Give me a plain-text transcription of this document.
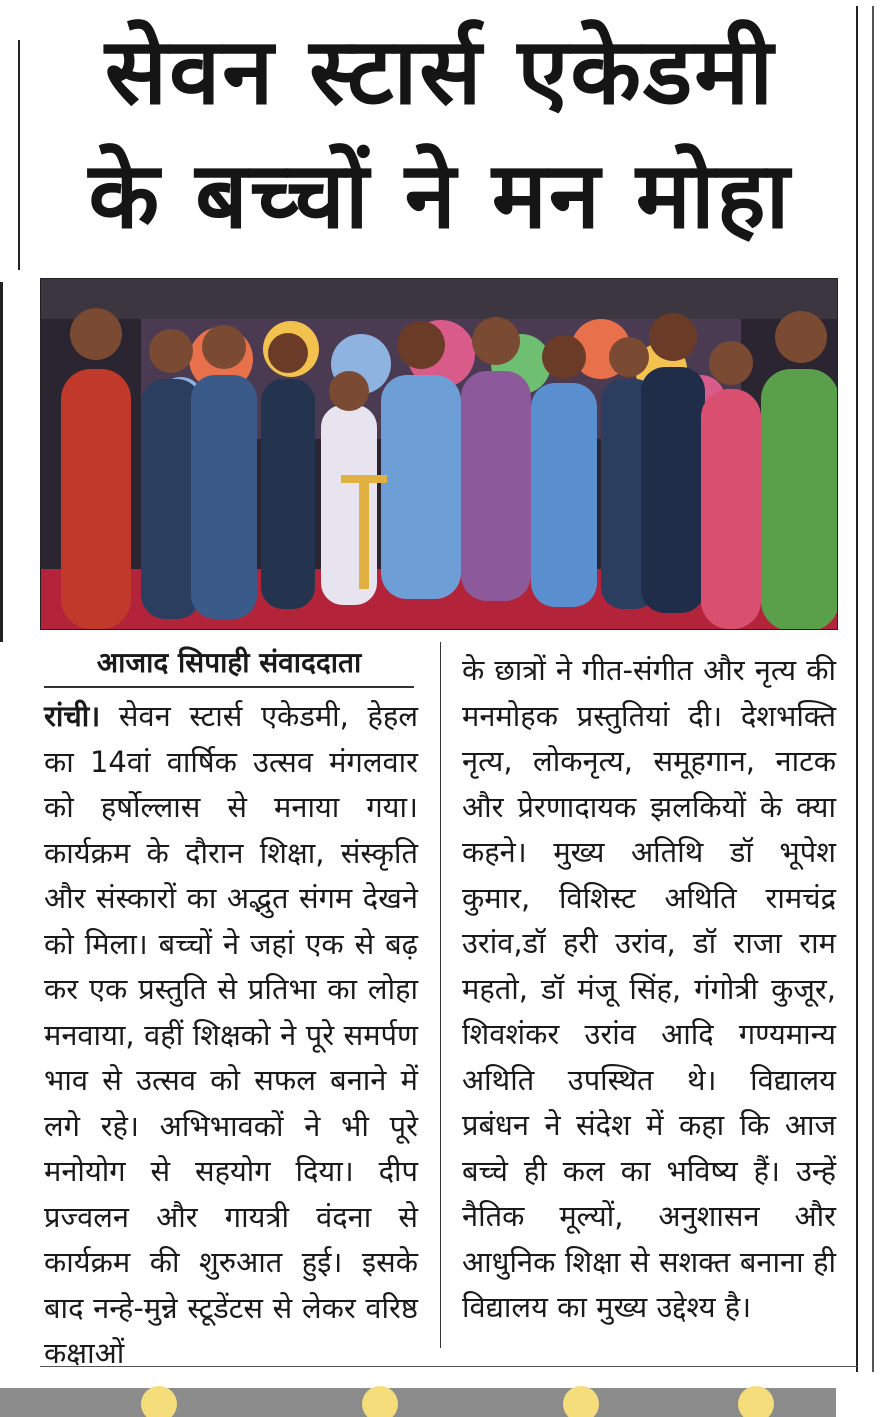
सेवन स्टार्स एकेडमी
के बच्चों ने मन मोहा
आजाद सिपाही संवाददाता

रांची। सेवन स्टार्स एकेडमी, हेहल का 14वां वार्षिक उत्सव मंगलवार को हर्षोल्लास से मनाया गया। कार्यक्रम के दौरान शिक्षा, संस्कृति और संस्कारों का अद्भुत संगम देखने को मिला। बच्चों ने जहां एक से बढ़ कर एक प्रस्तुति से प्रतिभा का लोहा मनवाया, वहीं शिक्षको ने पूरे समर्पण भाव से उत्सव को सफल बनाने में लगे रहे। अभिभावकों ने भी पूरे मनोयोग से सहयोग दिया। दीप प्रज्वलन और गायत्री वंदना से कार्यक्रम की शुरुआत हुई। इसके बाद नन्हे-मुन्ने स्टूडेंटस से लेकर वरिष्ठ कक्षाओं

के छात्रों ने गीत-संगीत और नृत्य की मनमोहक प्रस्तुतियां दी। देशभक्ति नृत्य, लोकनृत्य, समूहगान, नाटक और प्रेरणादायक झलकियों के क्या कहने। मुख्य अतिथि डॉ भूपेश कुमार, विशिस्ट अथिति रामचंद्र उरांव,डॉ हरी उरांव, डॉ राजा राम महतो, डॉ मंजू सिंह, गंगोत्री कुजूर, शिवशंकर उरांव आदि गण्यमान्य अथिति उपस्थित थे। विद्यालय प्रबंधन ने संदेश में कहा कि आज बच्चे ही कल का भविष्य हैं। उन्हें नैतिक मूल्यों, अनुशासन और आधुनिक शिक्षा से सशक्त बनाना ही विद्यालय का मुख्य उद्देश्य है।
